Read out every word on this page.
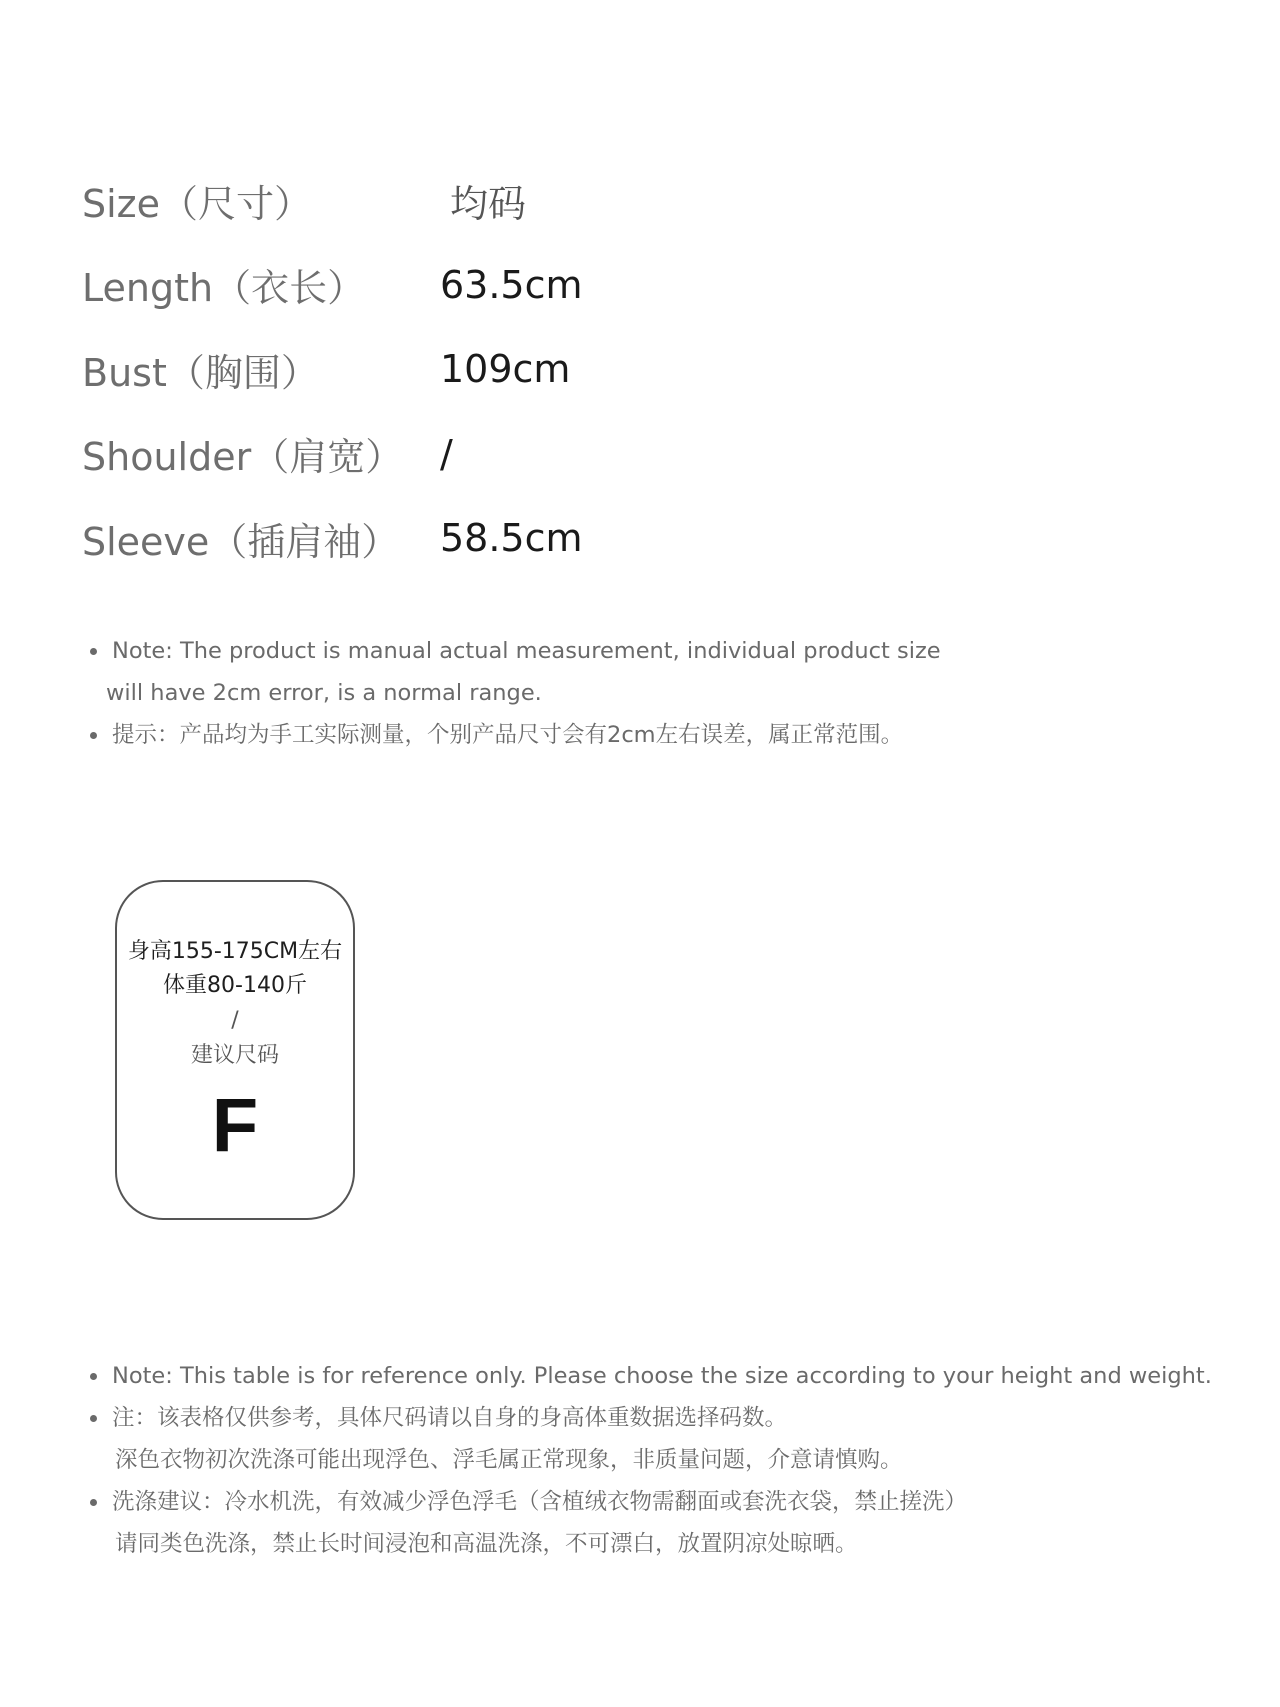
Size（尺寸）	均码
Length（衣长）	63.5cm
Bust（胸围）	109cm
Shoulder（肩宽） /
Sleeve（插肩袖）	58.5cm
Note: The product is manual actual measurement, individual product size
will have 2cm error, is a normal range.
提示：产品均为手工实际测量，个别产品尺寸会有2cm左右误差，属正常范围。
身高155-175CM左右
体重80-140斤
/
建议尺码
F
Note: This table is for reference only. Please choose the size according to your height and weight.
注：该表格仅供参考，具体尺码请以自身的身高体重数据选择码数。
深色衣物初次洗涤可能出现浮色、浮毛属正常现象，非质量问题，介意请慎购。
洗涤建议：冷水机洗，有效减少浮色浮毛（含植绒衣物需翻面或套洗衣袋，禁止搓洗）
请同类色洗涤，禁止长时间浸泡和高温洗涤，不可漂白，放置阴凉处晾晒。
